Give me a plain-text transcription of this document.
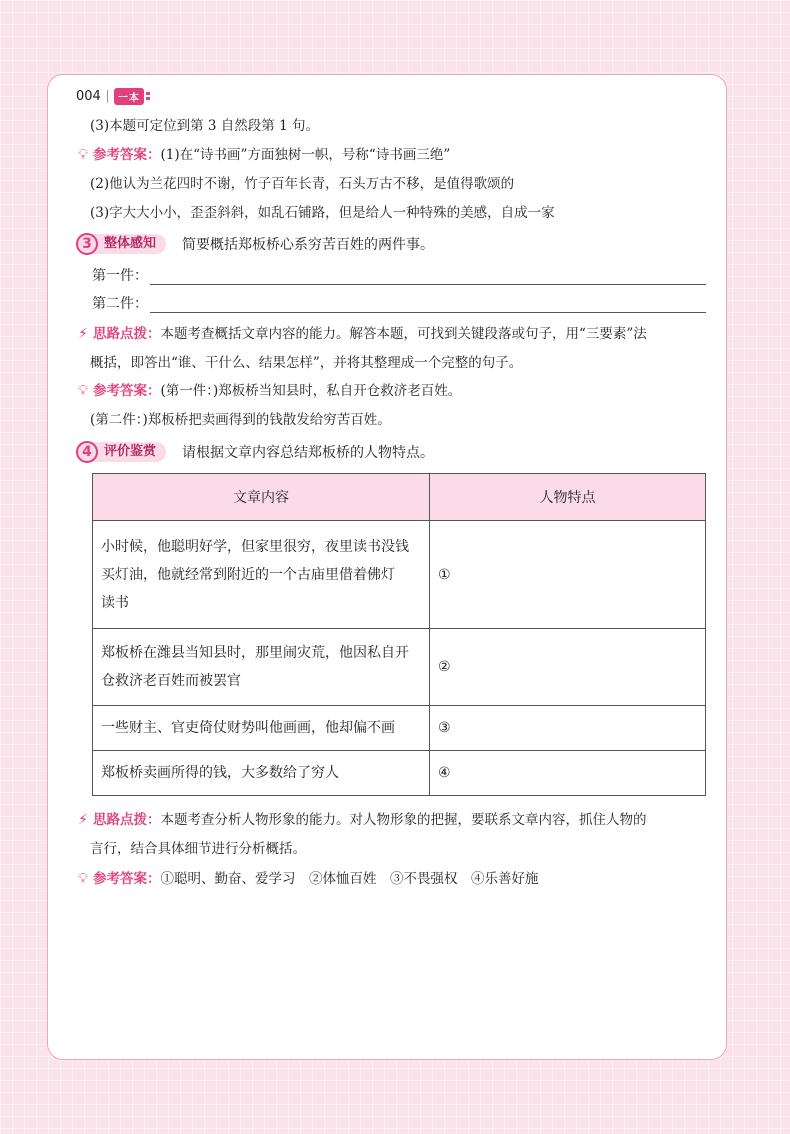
004	一本
(3)本题可定位到第 3 自然段第 1 句。
💡︎ 参考答案：(1)在“诗书画”方面独树一帜，号称“诗书画三绝”
(2)他认为兰花四时不谢，竹子百年长青，石头万古不移，是值得歌颂的
(3)字大大小小，歪歪斜斜，如乱石铺路，但是给人一种特殊的美感，自成一家
3 整体感知	简要概括郑板桥心系穷苦百姓的两件事。
第一件：
第二件：
⚡︎ 思路点拨：本题考查概括文章内容的能力。解答本题，可找到关键段落或句子，用“三要素”法
概括，即答出“谁、干什么、结果怎样”，并将其整理成一个完整的句子。
💡︎ 参考答案：(第一件：)郑板桥当知县时，私自开仓救济老百姓。
(第二件：)郑板桥把卖画得到的钱散发给穷苦百姓。
4 评价鉴赏	请根据文章内容总结郑板桥的人物特点。
文章内容	人物特点

小时候，他聪明好学，但家里很穷，夜里读书没钱
买灯油，他就经常到附近的一个古庙里借着佛灯
读书	①

郑板桥在潍县当知县时，那里闹灾荒，他因私自开
仓救济老百姓而被罢官	②

一些财主、官吏倚仗财势叫他画画，他却偏不画	③

郑板桥卖画所得的钱，大多数给了穷人	④
⚡︎ 思路点拨：本题考查分析人物形象的能力。对人物形象的把握，要联系文章内容，抓住人物的
言行，结合具体细节进行分析概括。
💡︎ 参考答案：①聪明、勤奋、爱学习　②体恤百姓　③不畏强权　④乐善好施
